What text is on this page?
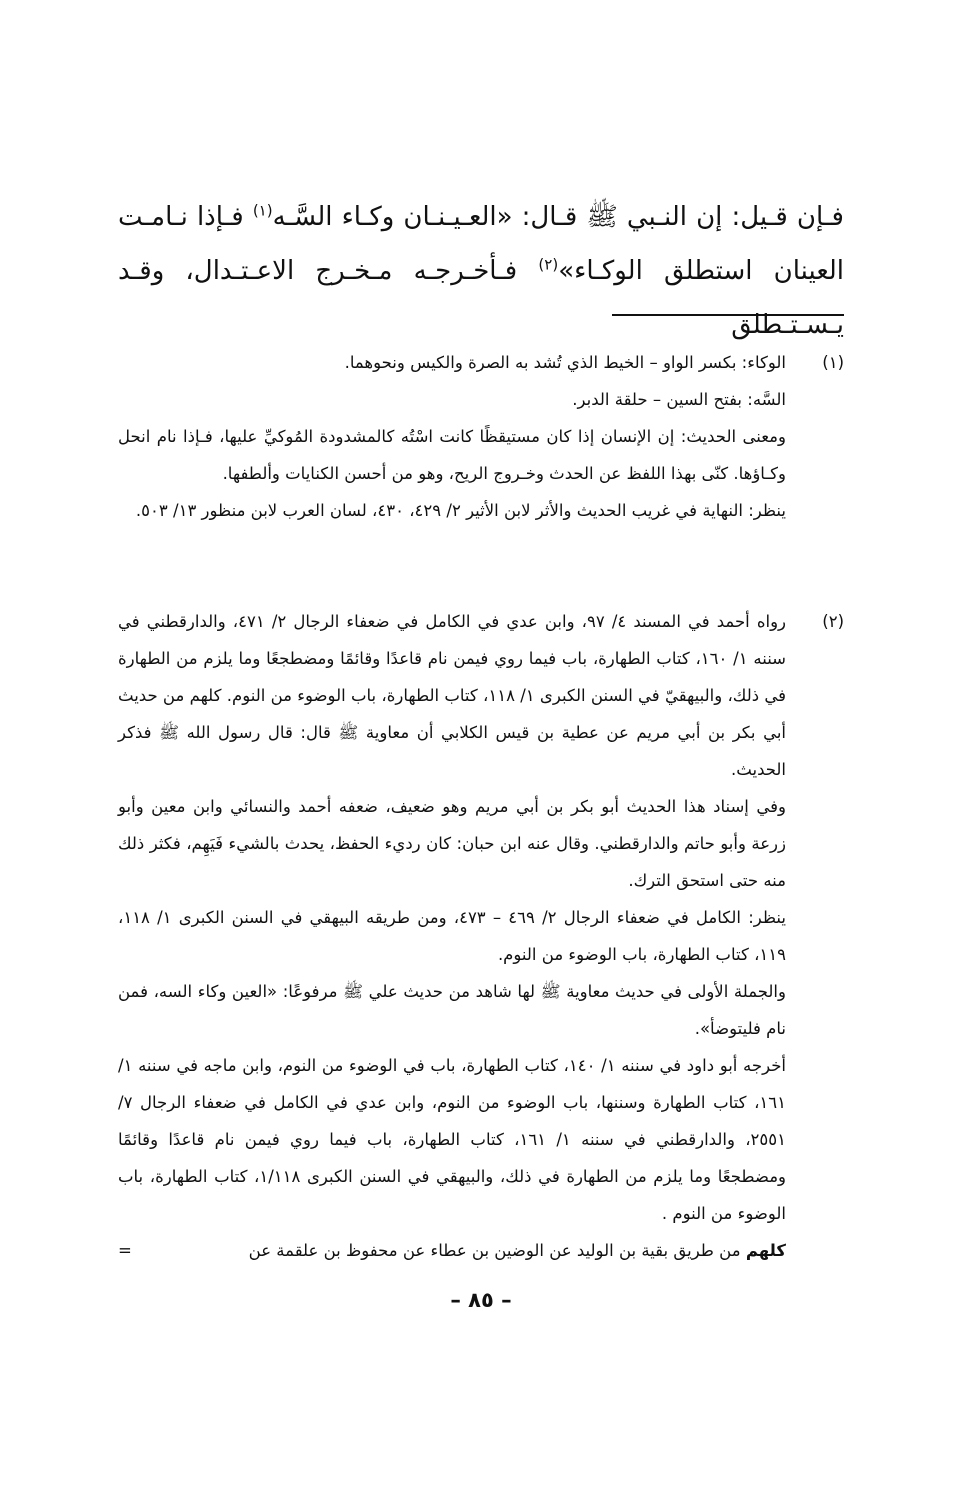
فـإن قـيل: إن النـبي ﷺ قـال: «العـيـنـان وكـاء السَّـه$^{(١)}$ فـإذا نـامـت العينان استطلق الوكـاء»$^{(٢)}$ فـأخـرجـه مـخـرج الاعـتـدال، وقـد يـسـتـطلق

(١)

الوكاء: بكسر الواو – الخيط الذي تُشد به الصرة والكيس ونحوهما.

السَّه: بفتح السين – حلقة الدبر.

ومعنى الحديث: إن الإنسان إذا كان مستيقظًا كانت اسْتُه كالمشدودة المُوكيِّ عليها، فـإذا نام انحل وكـاؤها. كنّى بهذا اللفظ عن الحدث وخـروج الريح، وهو من أحسن الكنايات وألطفها.

ينظر: النهاية في غريب الحديث والأثر لابن الأثير ٢/ ٤٢٩، ٤٣٠، لسان العرب لابن منظور ١٣/ ٥٠٣.

(٢)

رواه أحمد في المسند ٤/ ٩٧، وابن عدي في الكامل في ضعفاء الرجال ٢/ ٤٧١، والدارقطني في سننه ١/ ١٦٠، كتاب الطهارة، باب فيما روي فيمن نام قاعدًا وقائمًا ومضطجعًا وما يلزم من الطهارة في ذلك، والبيهقيّ في السنن الكبرى ١/ ١١٨، كتاب الطهارة، باب الوضوء من النوم. كلهم من حديث أبي بكر بن أبي مريم عن عطية بن قيس الكلابي أن معاوية ﷺ قال: قال رسول الله ﷺ فذكر الحديث.

وفي إسناد هذا الحديث أبو بكر بن أبي مريم وهو ضعيف، ضعفه أحمد والنسائي وابن معين وأبو زرعة وأبو حاتم والدارقطني. وقال عنه ابن حبان: كان رديء الحفظ، يحدث بالشيء فَيَهِم، فكثر ذلك منه حتى استحق الترك.

ينظر: الكامل في ضعفاء الرجال ٢/ ٤٦٩ – ٤٧٣، ومن طريقه البيهقي في السنن الكبرى ١/ ١١٨، ١١٩، كتاب الطهارة، باب الوضوء من النوم.

والجملة الأولى في حديث معاوية ﷺ لها شاهد من حديث علي ﷺ مرفوعًا: «العين وكاء السه، فمن نام فليتوضأ».

أخرجه أبو داود في سننه ١/ ١٤٠، كتاب الطهارة، باب في الوضوء من النوم، وابن ماجه في سننه ١/ ١٦١، كتاب الطهارة وسننها، باب الوضوء من النوم، وابن عدي في الكامل في ضعفاء الرجال ٧/ ٢٥٥١، والدارقطني في سننه ١/ ١٦١، كتاب الطهارة، باب فيما روي فيمن نام قاعدًا وقائمًا ومضطجعًا وما يلزم من الطهارة في ذلك، والبيهقي في السنن الكبرى ١/١١٨، كتاب الطهارة، باب الوضوء من النوم .

كلهم من طريق بقية بن الوليد عن الوضين بن عطاء عن محفوظ بن علقمة عن
=
– ٨٥ –
